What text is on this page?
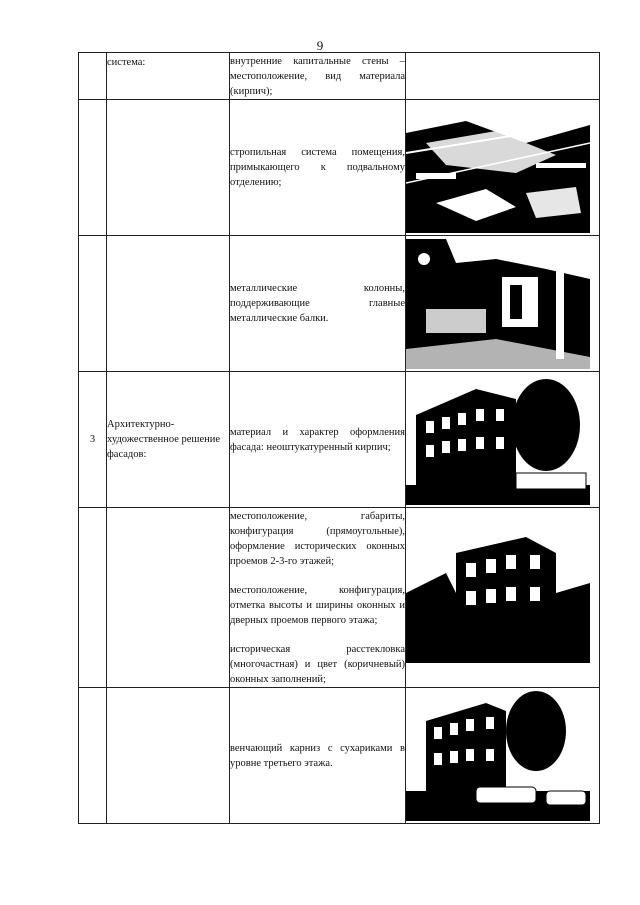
9
	система:	внутренние капитальные стены – местоположение, вид материала (кирпич);	

		стропильная система помещения, примыкающего к подвальному отделению;

		металлические колонны, поддерживающие главные металлические балки.

3	Архитектурно-художественное решение фасадов:	материал и характер оформления фасада: неоштукатуренный кирпич;

		местоположение, габариты, конфигурация (прямоугольные), оформление исторических оконных проемов 2-3-го этажей;

местоположение, конфигурация, отметка высоты и ширины оконных и дверных проемов первого этажа;

историческая расстекловка (многочастная) и цвет (коричневый) оконных заполнений;

		венчающий карниз с сухариками в уровне третьего этажа.
